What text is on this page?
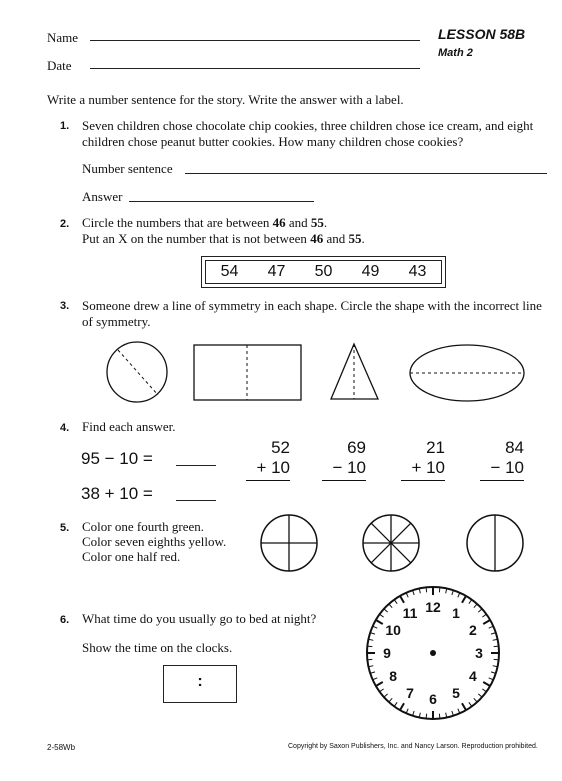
Name
Date
LESSON 58B
Math 2
Write a number sentence for the story. Write the answer with a label.
1. Seven children chose chocolate chip cookies, three children chose ice cream, and eight children chose peanut butter cookies. How many children chose cookies?
Number sentence
Answer
2. Circle the numbers that are between 46 and 55.
Put an X on the number that is not between 46 and 55.
54 47 50 49 43
3. Someone drew a line of symmetry in each shape. Circle the shape with the incorrect line of symmetry.
4. Find each answer.
95 − 10 =
38 + 10 =
52
+ 10
69
− 10
21
+ 10
84
− 10
5. Color one fourth green.
Color seven eighths yellow.
Color one half red.
6. What time do you usually go to bed at night?
Show the time on the clocks.
:
12 1
2
3
4
5
6
7
8
9
10
11
2-58Wb	Copyright by Saxon Publishers, Inc. and Nancy Larson. Reproduction prohibited.
